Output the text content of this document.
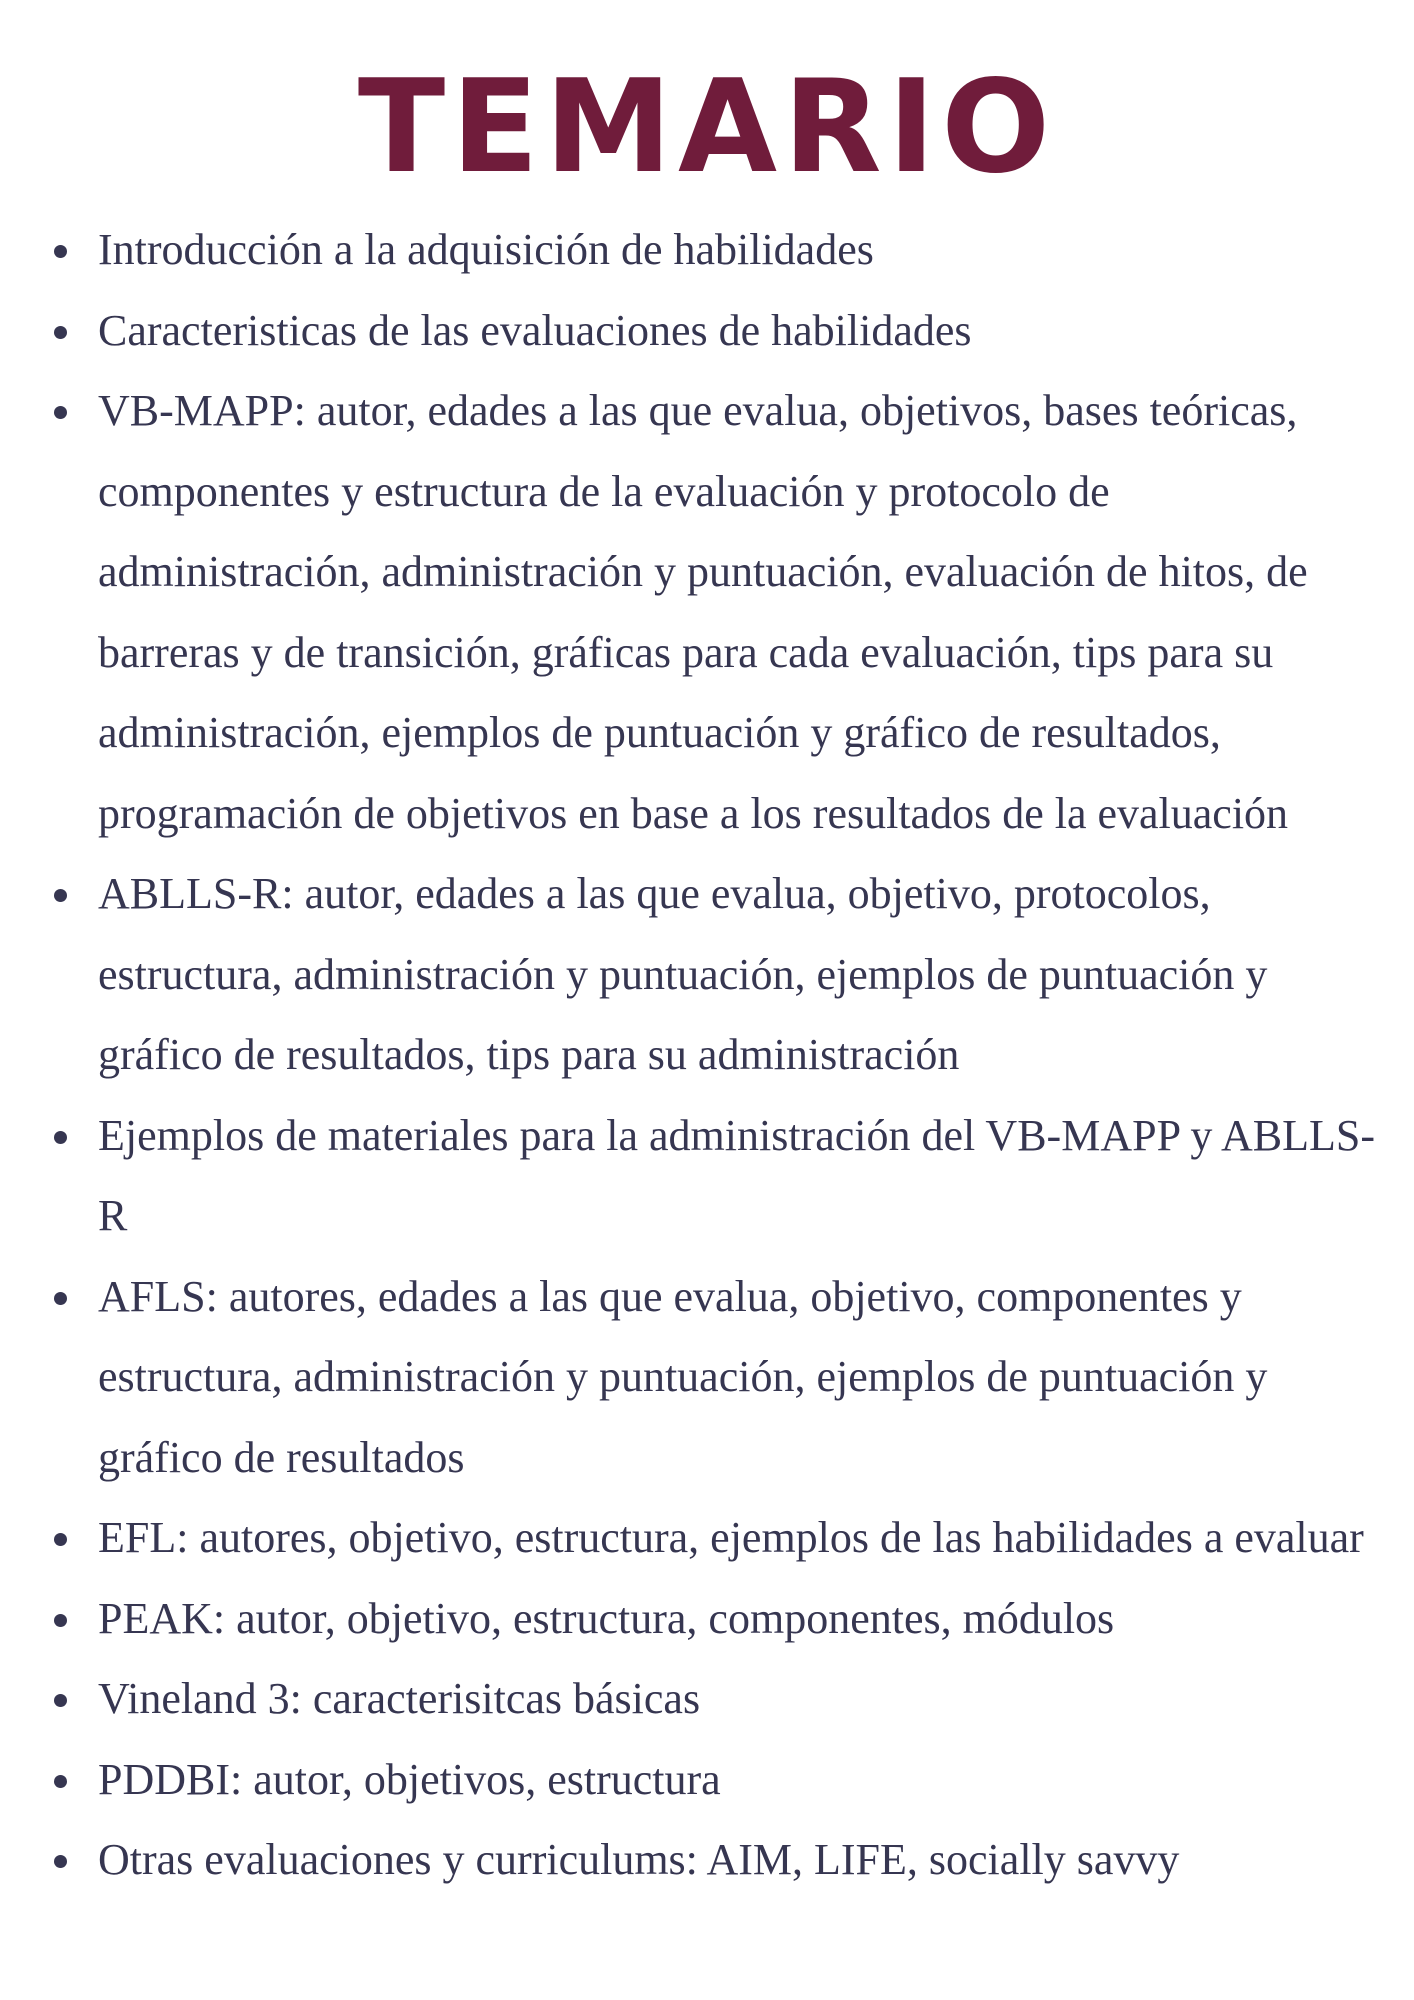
TEMARIO
Introducción a la adquisición de habilidades
Caracteristicas de las evaluaciones de habilidades
VB-MAPP: autor, edades a las que evalua, objetivos, bases teóricas, componentes y estructura de la evaluación y protocolo de administración, administración y puntuación, evaluación de hitos, de barreras y de transición, gráficas para cada evaluación, tips para su administración, ejemplos de puntuación y gráfico de resultados, programación de objetivos en base a los resultados de la evaluación
ABLLS-R: autor, edades a las que evalua, objetivo, protocolos, estructura, administración y puntuación, ejemplos de puntuación y gráfico de resultados, tips para su administración
Ejemplos de materiales para la administración del VB-MAPP y ABLLS-R
AFLS: autores, edades a las que evalua, objetivo, componentes y estructura, administración y puntuación, ejemplos de puntuación y gráfico de resultados
EFL: autores, objetivo, estructura, ejemplos de las habilidades a evaluar
PEAK: autor, objetivo, estructura, componentes, módulos
Vineland 3: caracterisitcas básicas
PDDBI: autor, objetivos, estructura
Otras evaluaciones y curriculums: AIM, LIFE, socially savvy
